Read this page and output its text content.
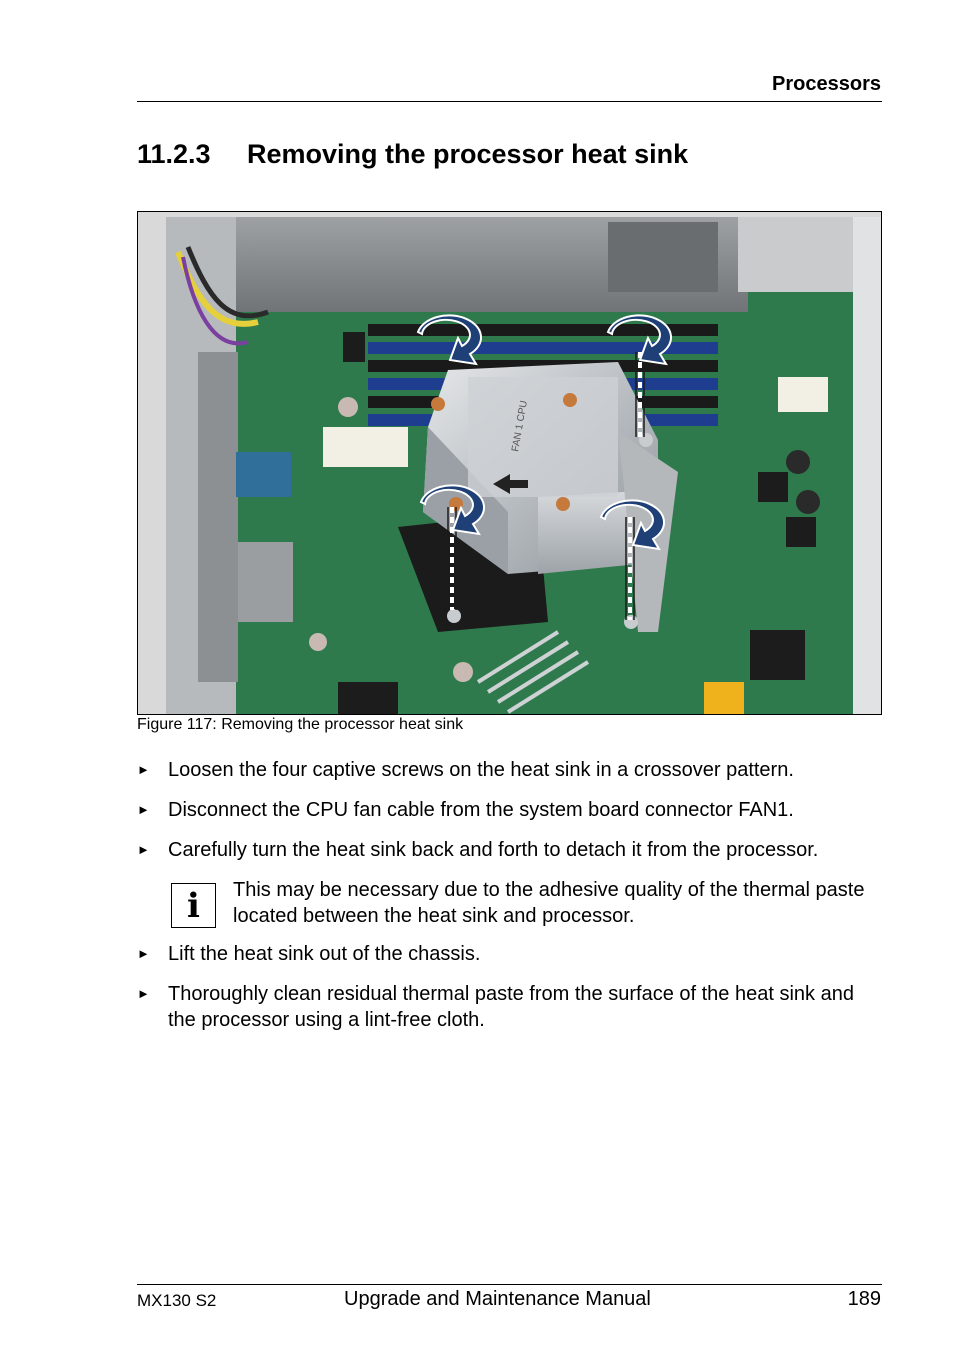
Processors
11.2.3 Removing the processor heat sink
FAN 1 CPU
Figure 117: Removing the processor heat sink
► Loosen the four captive screws on the heat sink in a crossover pattern.
► Disconnect the CPU fan cable from the system board connector FAN1.
► Carefully turn the heat sink back and forth to detach it from the processor.
i	This may be necessary due to the adhesive quality of the thermal paste located between the heat sink and processor.
► Lift the heat sink out of the chassis.
► Thoroughly clean residual thermal paste from the surface of the heat sink and the processor using a lint-free cloth.
MX130 S2	Upgrade and Maintenance Manual	189
